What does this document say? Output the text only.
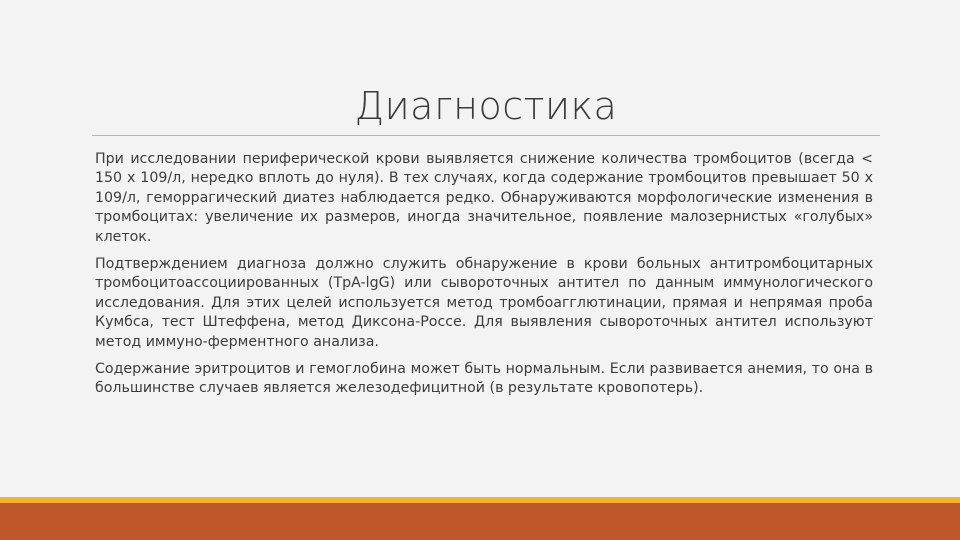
Диагностика

При исследовании периферической крови выявляется снижение количества тромбоцитов (всегда < 150 х 109/л, нередко вплоть до нуля). В тех случаях, когда содержание тромбоцитов превышает 50 х 109/л, геморрагический диатез наблюдается редко. Обнаруживаются морфологические изменения в тромбоцитах: увеличение их размеров, иногда значительное, появление малозернистых «голубых» клеток.

Подтверждением диагноза должно служить обнаружение в крови больных антитромбоцитарных тромбоцитоассоциированных (TpA-lgG) или сывороточных антител по данным иммунологического исследования. Для этих целей используется метод тромбоагглютинации, прямая и непрямая проба Кумбса, тест Штеффена, метод Диксона-Россе. Для выявления сывороточных антител используют метод иммуно-ферментного анализа.

Содержание эритроцитов и гемоглобина может быть нормальным. Если развивается анемия, то она в большинстве случаев является железодефицитной (в результате кровопотерь).
